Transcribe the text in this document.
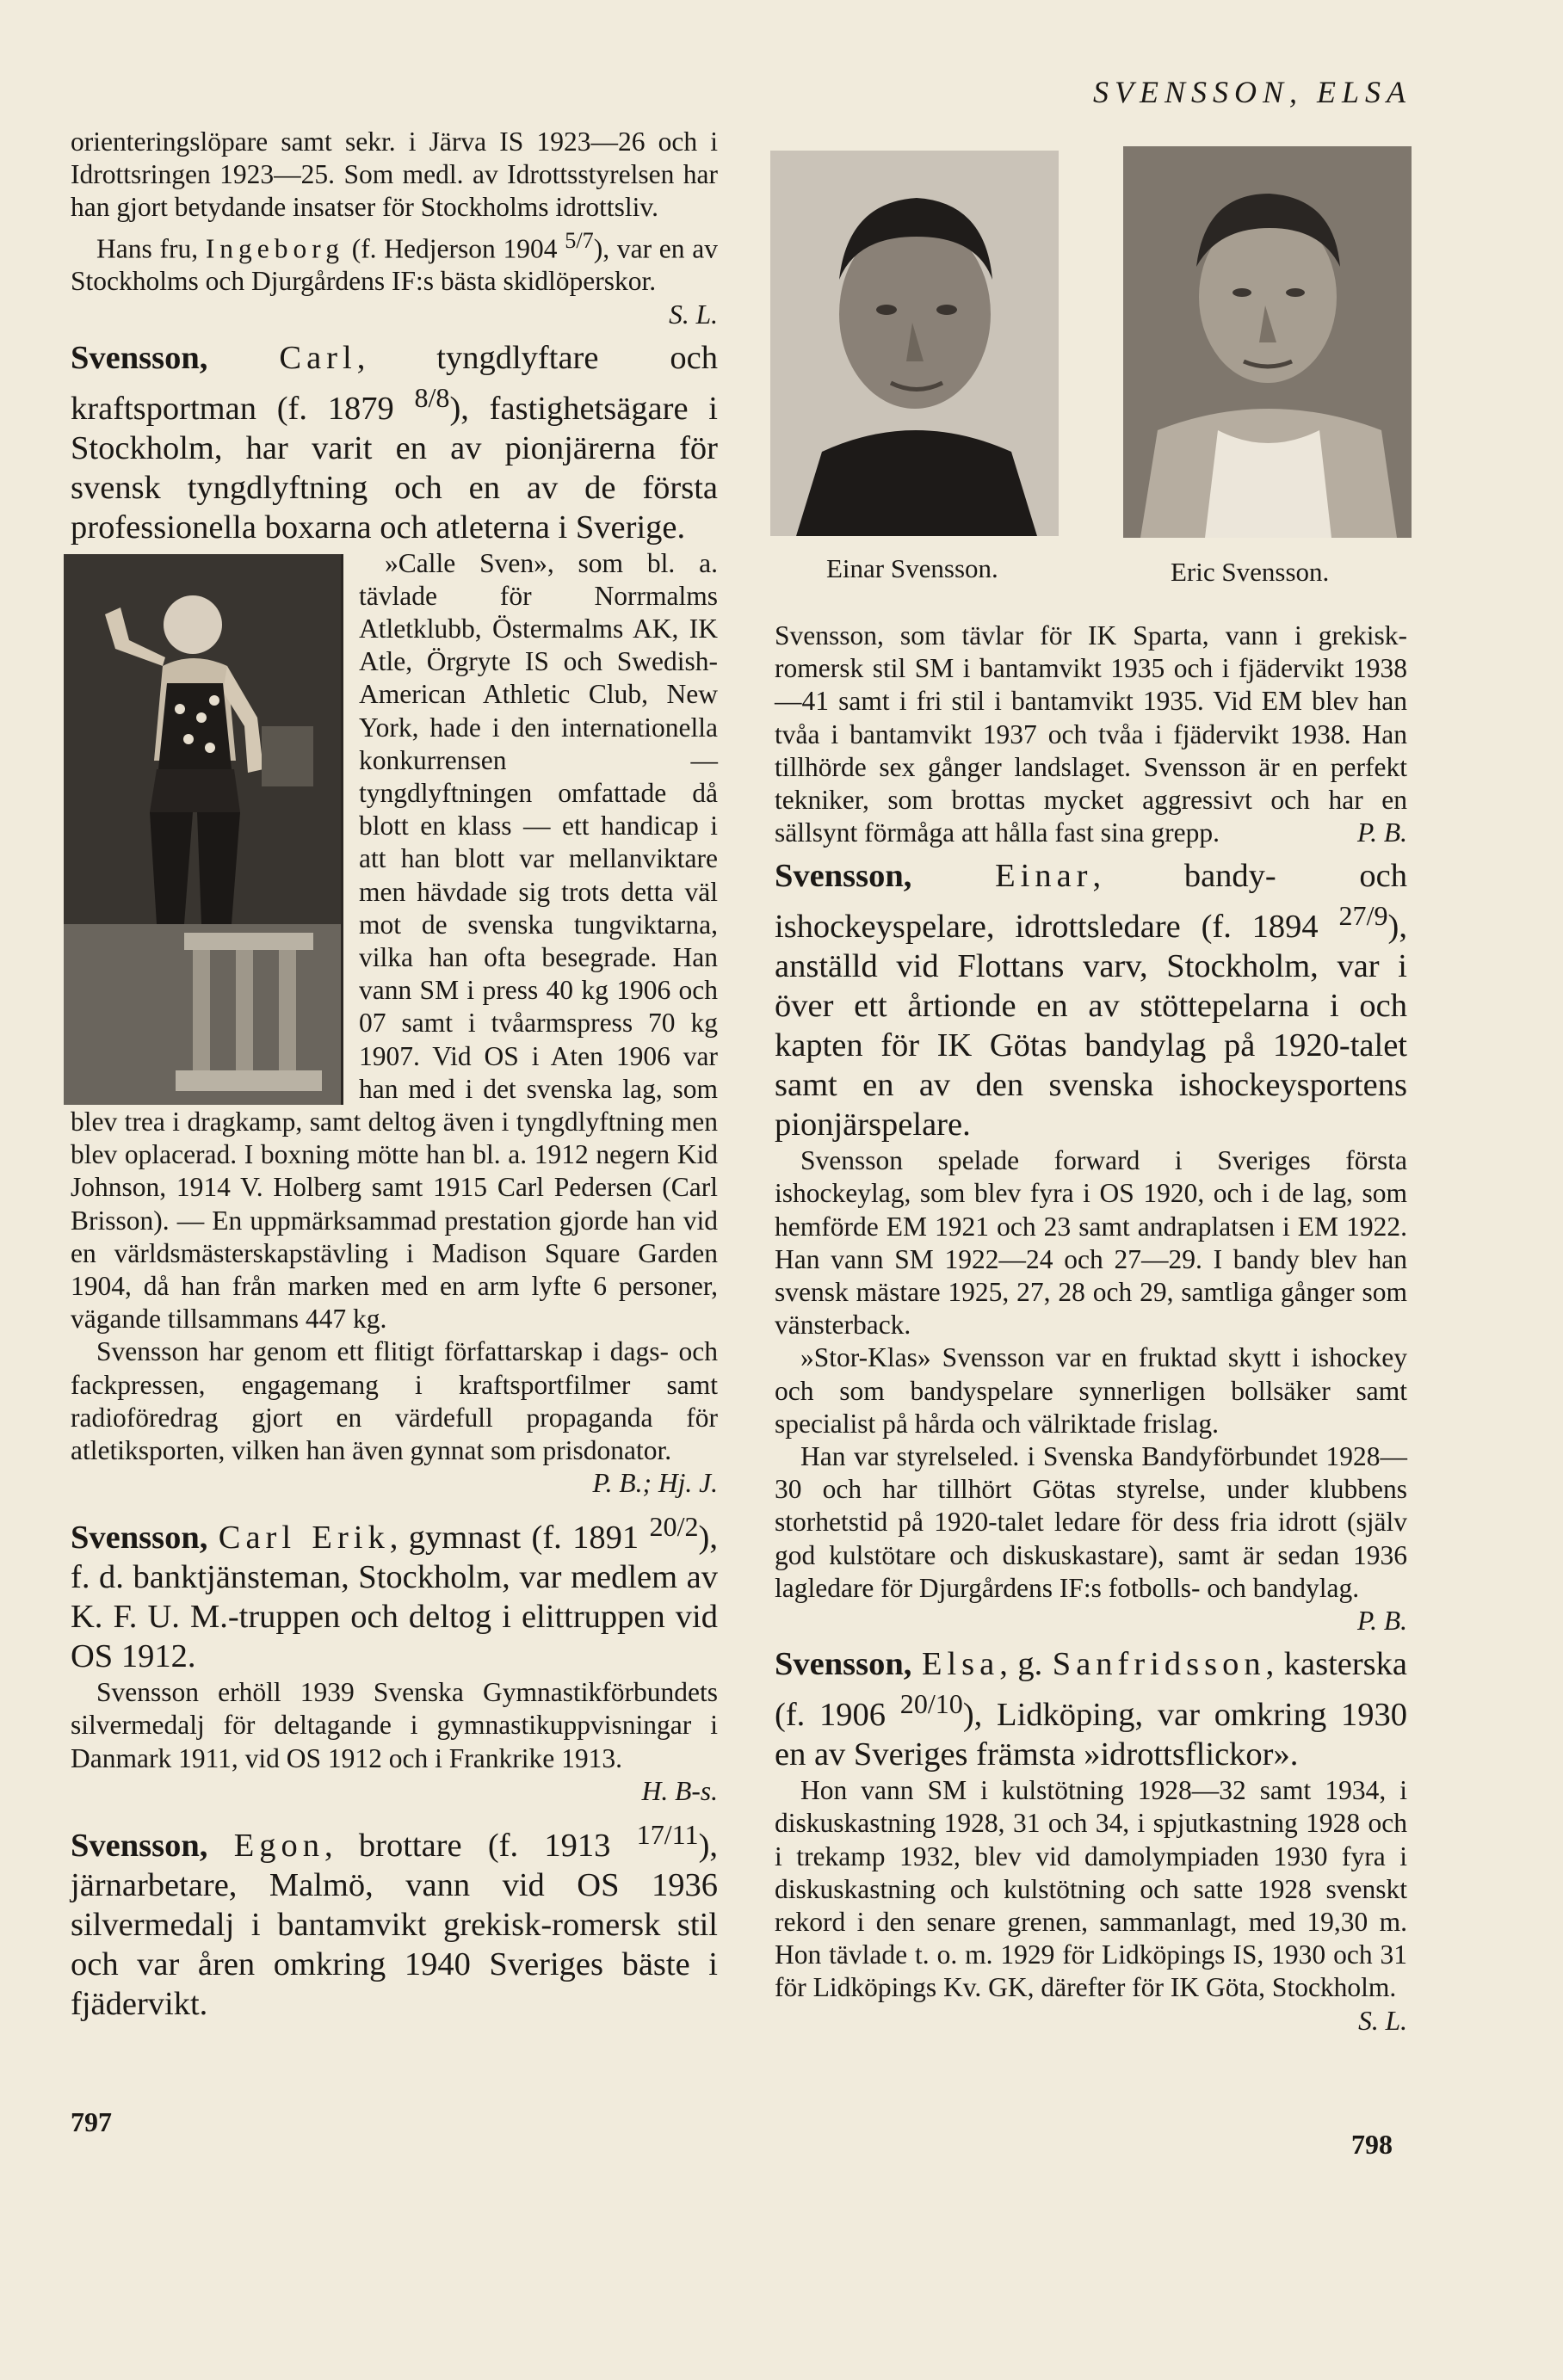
SVENSSON, ELSA

orienteringslöpare samt sekr. i Järva IS 1923—26 och i Idrottsringen 1923—25. Som medl. av Idrottsstyrelsen har han gjort betydande insatser för Stockholms idrottsliv.

Hans fru, Ingeborg (f. Hedjerson 1904 $^{5/7}$), var en av Stockholms och Djurgårdens IF:s bästa skidlöperskor.
S. L.

Svensson, Carl, tyngdlyftare och kraftsportman (f. 1879 $^{8/8}$), fastighetsägare i Stockholm, har varit en av pionjärerna för svensk tyngdlyftning och en av de första professionella boxarna och atleterna i Sverige.

»Calle Sven», som bl. a. tävlade för Norrmalms Atletklubb, Östermalms AK, IK Atle, Örgryte IS och Swedish-American Athletic Club, New York, hade i den internationella konkurrensen — tyngdlyftningen omfattade då blott en klass — ett handicap i att han blott var mellanviktare men hävdade sig trots detta väl mot de svenska tungviktarna, vilka han ofta besegrade. Han vann SM i press 40 kg 1906 och 07 samt i tvåarmspress 70 kg 1907. Vid OS i Aten 1906 var han med i det svenska lag, som blev trea i dragkamp, samt deltog även i tyngdlyftning men blev oplacerad. I boxning mötte han bl. a. 1912 negern Kid Johnson, 1914 V. Holberg samt 1915 Carl Pedersen (Carl Brisson). — En uppmärksammad prestation gjorde han vid en världsmästerskapstävling i Madison Square Garden 1904, då han från marken med en arm lyfte 6 personer, vägande tillsammans 447 kg.

Svensson har genom ett flitigt författarskap i dags- och fackpressen, engagemang i kraftsportfilmer samt radioföredrag gjort en värdefull propaganda för atletiksporten, vilken han även gynnat som prisdonator.
P. B.; Hj. J.

Svensson, Carl Erik, gymnast (f. 1891 $^{20/2}$), f. d. banktjänsteman, Stockholm, var medlem av K. F. U. M.-truppen och deltog i elittruppen vid OS 1912.

Svensson erhöll 1939 Svenska Gymnastikförbundets silvermedalj för deltagande i gymnastikuppvisningar i Danmark 1911, vid OS 1912 och i Frankrike 1913.
H. B-s.

Svensson, Egon, brottare (f. 1913 $^{17/11}$), järnarbetare, Malmö, vann vid OS 1936 silvermedalj i bantamvikt grekisk-romersk stil och var åren omkring 1940 Sveriges bäste i fjädervikt.
797
Einar Svensson.	Eric Svensson.

Svensson, som tävlar för IK Sparta, vann i grekisk-romersk stil SM i bantamvikt 1935 och i fjädervikt 1938—41 samt i fri stil i bantamvikt 1935. Vid EM blev han tvåa i bantamvikt 1937 och tvåa i fjädervikt 1938. Han tillhörde sex gånger landslaget. Svensson är en perfekt tekniker, som brottas mycket aggressivt och har en sällsynt förmåga att hålla fast sina grepp.	P. B.

Svensson,	Einar, bandy- och ishockeyspelare, idrottsledare (f. 1894 $^{27/9}$), anställd vid Flottans varv, Stockholm, var i över ett årtionde en av stöttepelarna i och kapten för IK Götas bandylag på 1920-talet samt en av den svenska ishockeysportens pionjärspelare.

Svensson spelade forward i Sveriges första ishockeylag, som blev fyra i OS 1920, och i de lag, som hemförde EM 1921 och 23 samt andraplatsen i EM 1922. Han vann SM 1922—24 och 27—29. I bandy blev han svensk mästare 1925, 27, 28 och 29, samtliga gånger som vänsterback.

»Stor-Klas» Svensson var en fruktad skytt i ishockey och som bandyspelare synnerligen bollsäker samt specialist på hårda och välriktade frislag.

Han var styrelseled. i Svenska Bandyförbundet 1928—30 och har tillhört Götas styrelse, under klubbens storhetstid på 1920-talet ledare för dess fria idrott (själv god kulstötare och diskuskastare), samt är sedan 1936 lagledare för Djurgårdens IF:s fotbolls- och bandylag.
P. B.

Svensson, Elsa, g. Sanfridsson, kasterska (f. 1906 $^{20/10}$), Lidköping, var omkring 1930 en av Sveriges främsta »idrottsflickor».

Hon vann SM i kulstötning 1928—32 samt 1934, i diskuskastning 1928, 31 och 34, i spjutkastning 1928 och i trekamp 1932, blev vid damolympiaden 1930 fyra i diskuskastning och kulstötning och satte 1928 svenskt rekord i den senare grenen, sammanlagt, med 19,30 m. Hon tävlade t. o. m. 1929 för Lidköpings IS, 1930 och 31 för Lidköpings Kv. GK, därefter för IK Göta, Stockholm.
S. L.

798
